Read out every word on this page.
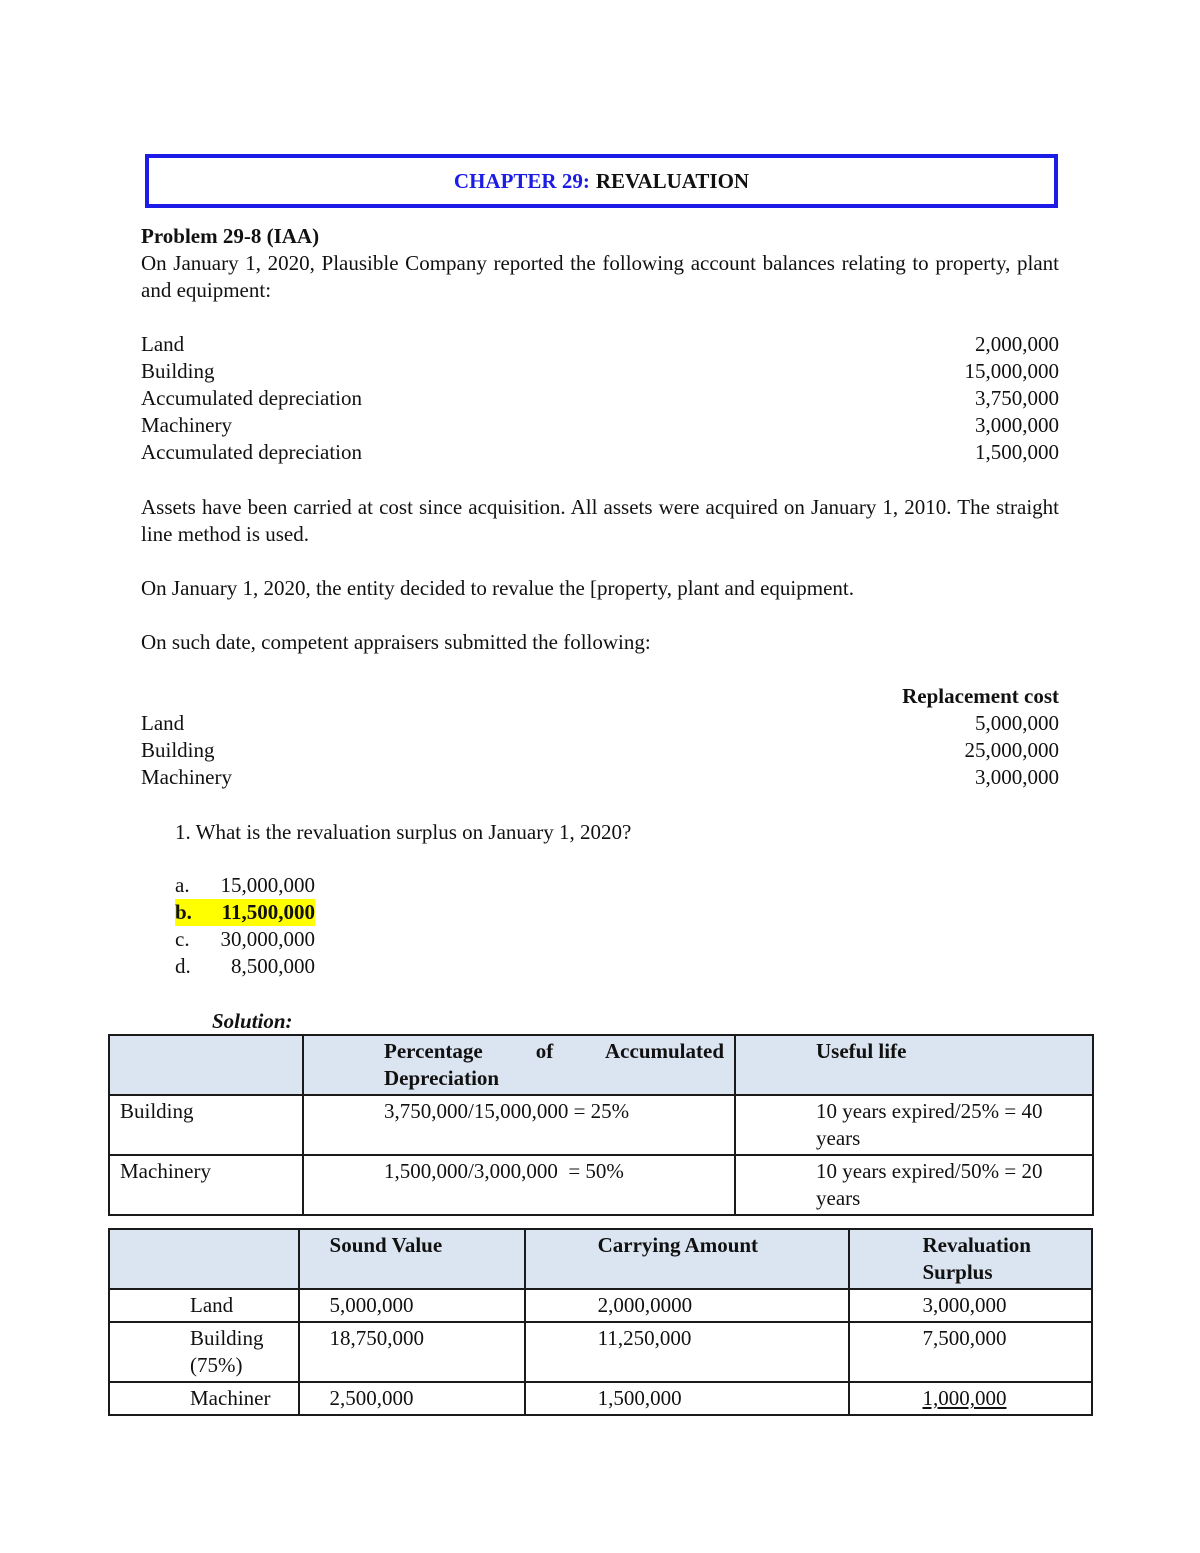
CHAPTER 29: REVALUATION
Problem 29-8 (IAA)
On January 1, 2020, Plausible Company reported the following account balances relating to property, plant and equipment:
Land	2,000,000
Building	15,000,000
Accumulated depreciation	3,750,000
Machinery	3,000,000
Accumulated depreciation	1,500,000
Assets have been carried at cost since acquisition. All assets were acquired on January 1, 2010. The straight line method is used.
On January 1, 2020, the entity decided to revalue the [property, plant and equipment.
On such date, competent appraisers submitted the following:
Replacement cost
Land	5,000,000
Building	25,000,000
Machinery	3,000,000
1. What is the revaluation surplus on January 1, 2020?
a.	15,000,000
b.	11,500,000
c.	30,000,000
d.	8,500,000
Solution:
	Percentage of Accumulated Depreciation	Useful life
Building	3,750,000/15,000,000 = 25%	10 years expired/25% = 40 years
Machinery	1,500,000/3,000,000  = 50%	10 years expired/50% = 20 years
	Sound Value	Carrying Amount	Revaluation Surplus
Land	5,000,000	2,000,0000	3,000,000
Building (75%)	18,750,000	11,250,000	7,500,000
Machiner	2,500,000	1,500,000	1,000,000
